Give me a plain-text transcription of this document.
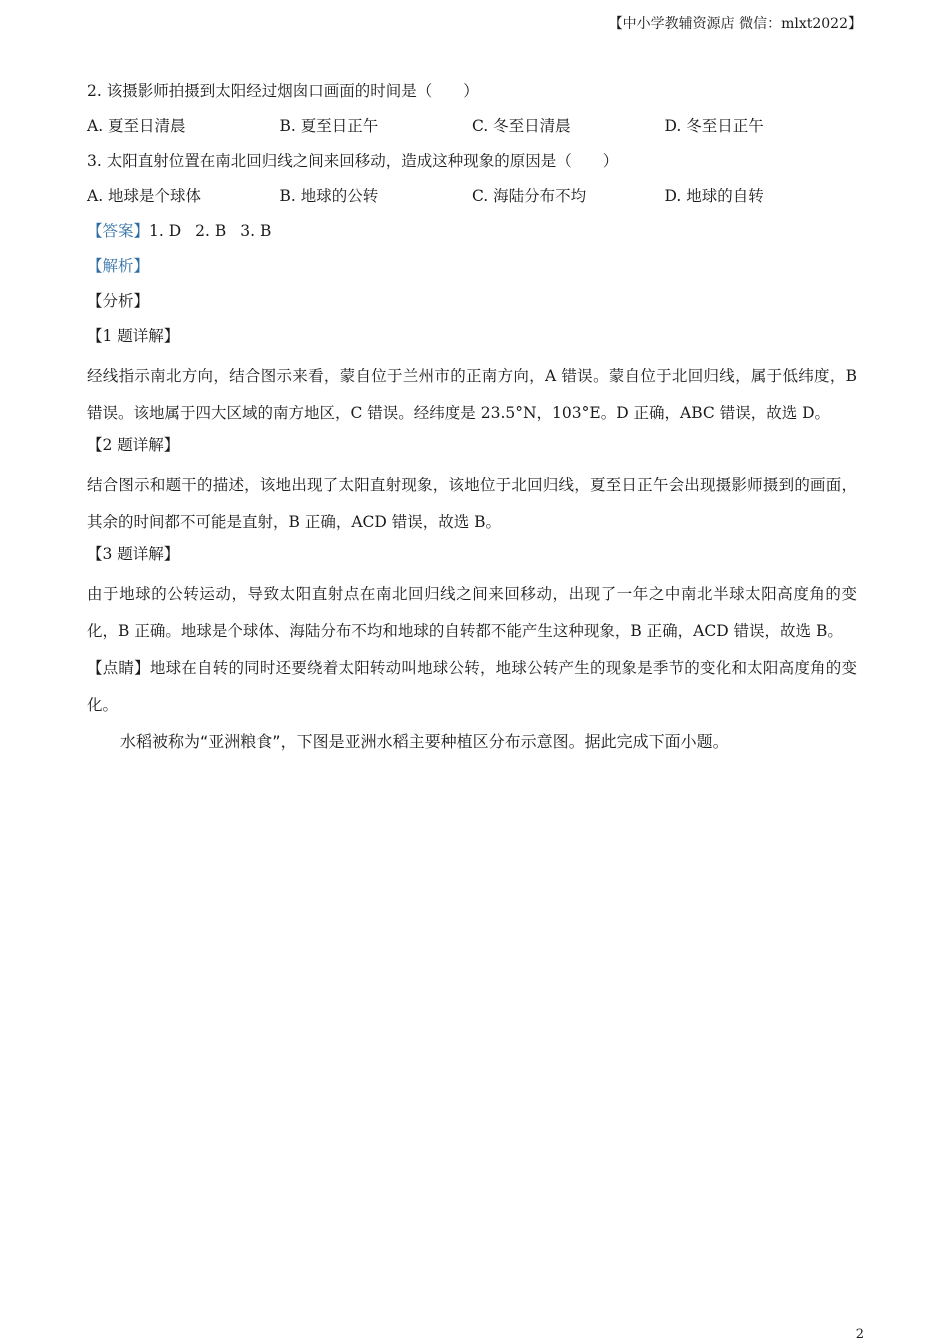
【中小学教辅资源店 微信：mlxt2022】
2. 该摄影师拍摄到太阳经过烟囱口画面的时间是（　　）
A. 夏至日清晨	B. 夏至日正午	C. 冬至日清晨	D. 冬至日正午
3. 太阳直射位置在南北回归线之间来回移动，造成这种现象的原因是（　　）
A. 地球是个球体	B. 地球的公转	C. 海陆分布不均	D. 地球的自转
【答案】1. D 2. B 3. B
【解析】
【分析】
【1 题详解】

经线指示南北方向，结合图示来看，蒙自位于兰州市的正南方向，A 错误。蒙自位于北回归线，属于低纬度，B 错误。该地属于四大区域的南方地区，C 错误。经纬度是 23.5°N，103°E。D 正确，ABC 错误，故选 D。

【2 题详解】

结合图示和题干的描述，该地出现了太阳直射现象，该地位于北回归线，夏至日正午会出现摄影师摄到的画面，其余的时间都不可能是直射，B 正确，ACD 错误，故选 B。

【3 题详解】

由于地球的公转运动，导致太阳直射点在南北回归线之间来回移动，出现了一年之中南北半球太阳高度角的变化，B 正确。地球是个球体、海陆分布不均和地球的自转都不能产生这种现象，B 正确，ACD 错误，故选 B。

【点睛】地球在自转的同时还要绕着太阳转动叫地球公转，地球公转产生的现象是季节的变化和太阳高度角的变化。

水稻被称为“亚洲粮食”，下图是亚洲水稻主要种植区分布示意图。据此完成下面小题。
2
